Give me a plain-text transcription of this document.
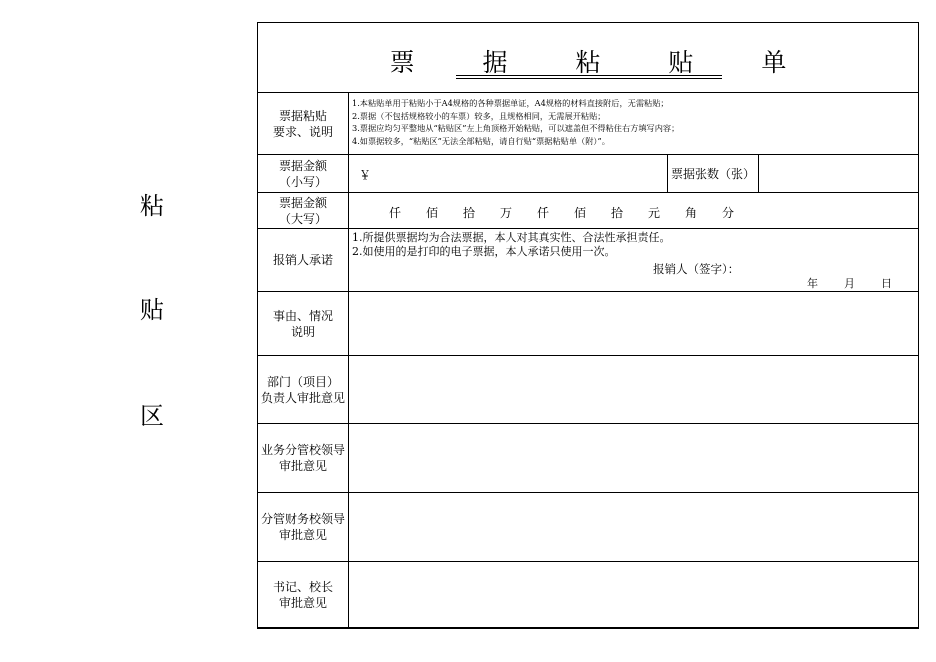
粘
贴
区
票 据 粘 贴 单
票据粘贴
要求、说明
1.本粘贴单用于粘贴小于A4规格的各种票据单证，A4规格的材料直接附后，无需粘贴；
2.票据（不包括规格较小的车票）较多，且规格相同，无需展开粘贴；
3.票据应均匀平整地从“粘贴区”左上角顶格开始粘贴，可以遮盖但不得粘住右方填写内容；
4.如票据较多，“粘贴区”无法全部粘贴，请自行贴“票据粘贴单（附）”。
票据金额
（小写）	￥	票据张数（张）
票据金额
（大写）	仟 佰 拾 万 仟 佰 拾 元 角 分
报销人承诺
1.所提供票据均为合法票据，本人对其真实性、合法性承担责任。
2.如使用的是打印的电子票据，本人承诺只使用一次。
报销人（签字）：
年 月 日
事由、情况
说明
部门（项目）
负责人审批意见
业务分管校领导
审批意见
分管财务校领导
审批意见
书记、校长
审批意见
